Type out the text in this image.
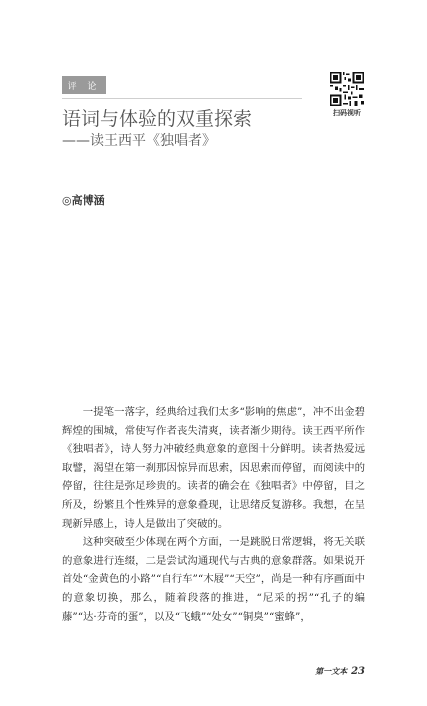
评 论
扫码视听
语词与体验的双重探索
——读王西平《独唱者》
◎高博涵

一提笔一落字，经典给过我们太多“影响的焦虑”，冲不出金碧辉煌的围城，常使写作者丧失清爽，读者渐少期待。读王西平所作《独唱者》，诗人努力冲破经典意象的意图十分鲜明。读者热爱远取譬，渴望在第一刹那因惊异而思索，因思索而停留，而阅读中的停留，往往是弥足珍贵的。读者的确会在《独唱者》中停留，目之所及，纷繁且个性殊异的意象叠现，让思绪反复游移。我想，在呈现新异感上，诗人是做出了突破的。

这种突破至少体现在两个方面，一是跳脱日常逻辑，将无关联的意象进行连缀，二是尝试沟通现代与古典的意象群落。如果说开首处“金黄色的小路”“自行车”“木屐”“天空”，尚是一种有序画面中的意象切换，那么，随着段落的推进，“尼采的拐”“孔子的编藤”“达·芬奇的蛋”，以及“飞蛾”“处女”“铜臭”“蜜蜂”，

第一文本 23
